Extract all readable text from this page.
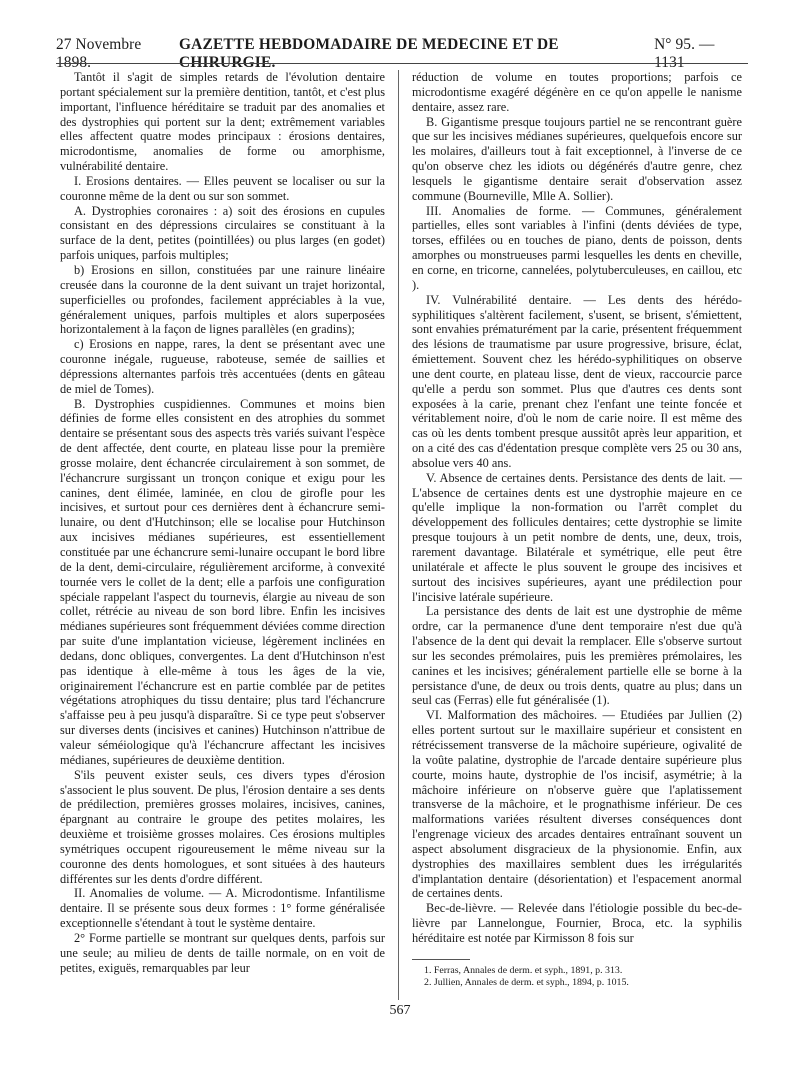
27 Novembre 1898.
GAZETTE HEBDOMADAIRE DE MEDECINE ET DE CHIRURGIE.
N° 95. — 1131

Tantôt il s'agit de simples retards de l'évolution dentaire portant spécialement sur la première dentition, tantôt, et c'est plus important, l'influence héréditaire se traduit par des anomalies et des dystrophies qui portent sur la dent; extrêmement variables elles affectent quatre modes principaux : érosions dentaires, microdontisme, anomalies de forme ou amorphisme, vulnérabilité dentaire.

I. Erosions dentaires. — Elles peuvent se localiser ou sur la couronne même de la dent ou sur son sommet.

A. Dystrophies coronaires : a) soit des érosions en cupules consistant en des dépressions circulaires se constituant à la surface de la dent, petites (pointillées) ou plus larges (en godet) parfois uniques, parfois multiples;

b) Erosions en sillon, constituées par une rainure linéaire creusée dans la couronne de la dent suivant un trajet horizontal, superficielles ou profondes, facilement appréciables à la vue, généralement uniques, parfois multiples et alors superposées horizontalement à la façon de lignes parallèles (en gradins);

c) Erosions en nappe, rares, la dent se présentant avec une couronne inégale, rugueuse, raboteuse, semée de saillies et dépressions alternantes parfois très accentuées (dents en gâteau de miel de Tomes).

B. Dystrophies cuspidiennes. Communes et moins bien définies de forme elles consistent en des atrophies du sommet dentaire se présentant sous des aspects très variés suivant l'espèce de dent affectée, dent courte, en plateau lisse pour la première grosse molaire, dent échancrée circulairement à son sommet, de l'échancrure surgissant un tronçon conique et exigu pour les canines, dent élimée, laminée, en clou de girofle pour les incisives, et surtout pour ces dernières dent à échancrure semi-lunaire, ou dent d'Hutchinson; elle se localise pour Hutchinson aux incisives médianes supérieures, est essentiellement constituée par une échancrure semi-lunaire occupant le bord libre de la dent, demi-circulaire, régulièrement arciforme, à convexité tournée vers le collet de la dent; elle a parfois une configuration spéciale rappelant l'aspect du tournevis, élargie au niveau de son collet, rétrécie au niveau de son bord libre. Enfin les incisives médianes supérieures sont fréquemment déviées comme direction par suite d'une implantation vicieuse, légèrement inclinées en dedans, donc obliques, convergentes. La dent d'Hutchinson n'est pas identique à elle-même à tous les âges de la vie, originairement l'échancrure est en partie comblée par de petites végétations atrophiques du tissu dentaire; plus tard l'échancrure s'affaisse peu à peu jusqu'à disparaître. Si ce type peut s'observer sur diverses dents (incisives et canines) Hutchinson n'attribue de valeur séméiologique qu'à l'échancrure affectant les incisives médianes, supérieures de deuxième dentition.

S'ils peuvent exister seuls, ces divers types d'érosion s'associent le plus souvent. De plus, l'érosion dentaire a ses dents de prédilection, premières grosses molaires, incisives, canines, épargnant au contraire le groupe des petites molaires, les deuxième et troisième grosses molaires. Ces érosions multiples symétriques occupent rigoureusement le même niveau sur la couronne des dents homologues, et sont situées à des hauteurs différentes sur les dents d'ordre différent.

II. Anomalies de volume. — A. Microdontisme. Infantilisme dentaire. Il se présente sous deux formes : 1° forme généralisée exceptionnelle s'étendant à tout le système dentaire.

2° Forme partielle se montrant sur quelques dents, parfois sur une seule; au milieu de dents de taille normale, on en voit de petites, exiguës, remarquables par leur

réduction de volume en toutes proportions; parfois ce microdontisme exagéré dégénère en ce qu'on appelle le nanisme dentaire, assez rare.

B. Gigantisme presque toujours partiel ne se rencontrant guère que sur les incisives médianes supérieures, quelquefois encore sur les molaires, d'ailleurs tout à fait exceptionnel, à l'inverse de ce qu'on observe chez les idiots ou dégénérés d'autre genre, chez lesquels le gigantisme dentaire serait d'observation assez commune (Bourneville, Mlle A. Sollier).

III. Anomalies de forme. — Communes, généralement partielles, elles sont variables à l'infini (dents déviées de type, torses, effilées ou en touches de piano, dents de poisson, dents amorphes ou monstrueuses parmi lesquelles les dents en cheville, en corne, en tricorne, cannelées, polytuberculeuses, en caillou, etc ).

IV. Vulnérabilité dentaire. — Les dents des hérédo-syphilitiques s'altèrent facilement, s'usent, se brisent, s'émiettent, sont envahies prématurément par la carie, présentent fréquemment des lésions de traumatisme par usure progressive, brisure, éclat, émiettement. Souvent chez les hérédo-syphilitiques on observe une dent courte, en plateau lisse, dent de vieux, raccourcie parce qu'elle a perdu son sommet. Plus que d'autres ces dents sont exposées à la carie, prenant chez l'enfant une teinte foncée et véritablement noire, d'où le nom de carie noire. Il est même des cas où les dents tombent presque aussitôt après leur apparition, et on a cité des cas d'édentation presque complète vers 25 ou 30 ans, absolue vers 40 ans.

V. Absence de certaines dents. Persistance des dents de lait. — L'absence de certaines dents est une dystrophie majeure en ce qu'elle implique la non-formation ou l'arrêt complet du développement des follicules dentaires; cette dystrophie se limite presque toujours à un petit nombre de dents, une, deux, trois, rarement davantage. Bilatérale et symétrique, elle peut être unilatérale et affecte le plus souvent le groupe des incisives et surtout des incisives supérieures, ayant une prédilection pour l'incisive latérale supérieure.

La persistance des dents de lait est une dystrophie de même ordre, car la permanence d'une dent temporaire n'est due qu'à l'absence de la dent qui devait la remplacer. Elle s'observe surtout sur les secondes prémolaires, puis les premières prémolaires, les canines et les incisives; généralement partielle elle se borne à la persistance d'une, de deux ou trois dents, quatre au plus; dans un seul cas (Ferras) elle fut généralisée (1).

VI. Malformation des mâchoires. — Etudiées par Jullien (2) elles portent surtout sur le maxillaire supérieur et consistent en rétrécissement transverse de la mâchoire supérieure, ogivalité de la voûte palatine, dystrophie de l'arcade dentaire supérieure plus courte, moins haute, dystrophie de l'os incisif, asymétrie; à la mâchoire inférieure on n'observe guère que l'aplatissement transverse de la mâchoire, et le prognathisme inférieur. De ces malformations variées résultent diverses conséquences dont l'engrenage vicieux des arcades dentaires entraînant souvent un aspect absolument disgracieux de la physionomie. Enfin, aux dystrophies des maxillaires semblent dues les irrégularités d'implantation dentaire (désorientation) et l'espacement anormal de certaines dents.

Bec-de-lièvre. — Relevée dans l'étiologie possible du bec-de-lièvre par Lannelongue, Fournier, Broca, etc. la syphilis héréditaire est notée par Kirmisson 8 fois sur

1. Ferras, Annales de derm. et syph., 1891, p. 313.

2. Jullien, Annales de derm. et syph., 1894, p. 1015.

567
